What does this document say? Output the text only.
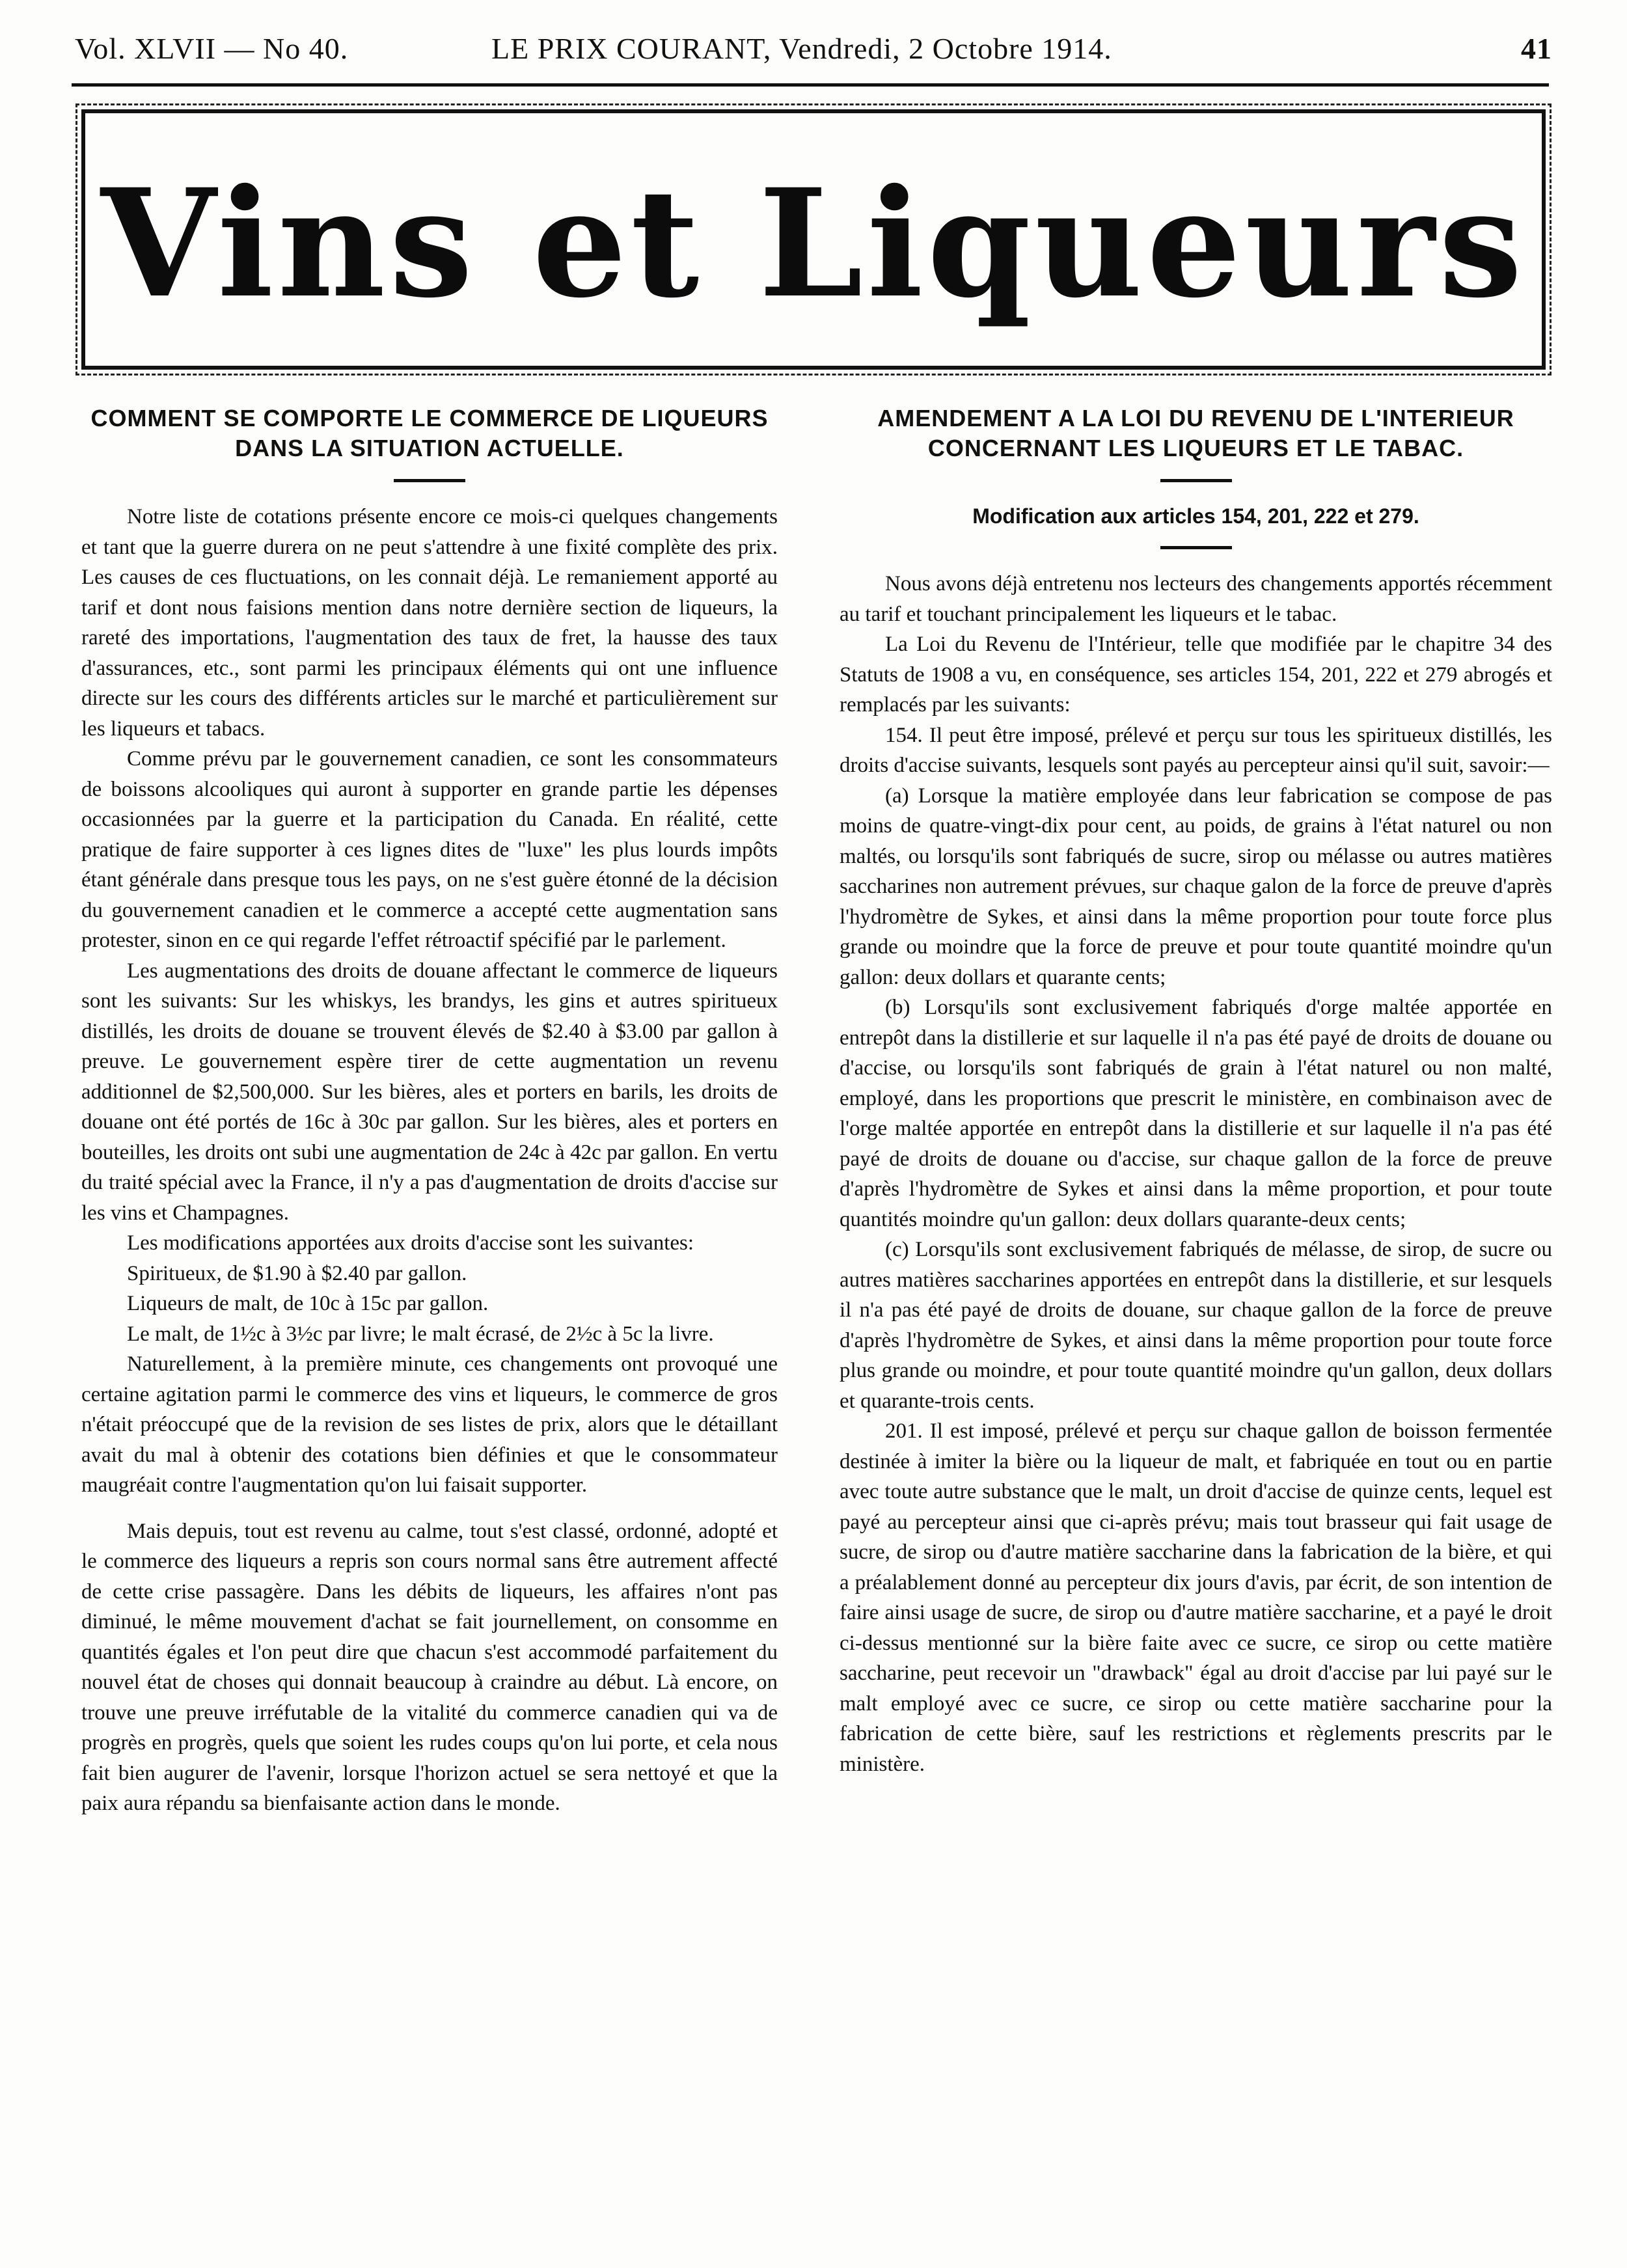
Vol. XLVII — No 40.	LE PRIX COURANT, Vendredi, 2 Octobre 1914.	41
Vins et Liqueurs
COMMENT SE COMPORTE LE COMMERCE DE LIQUEURS DANS LA SITUATION ACTUELLE.

Notre liste de cotations présente encore ce mois-ci quelques changements et tant que la guerre durera on ne peut s'attendre à une fixité complète des prix. Les causes de ces fluctuations, on les connait déjà. Le remaniement apporté au tarif et dont nous faisions mention dans notre dernière section de liqueurs, la rareté des importations, l'augmentation des taux de fret, la hausse des taux d'assurances, etc., sont parmi les principaux éléments qui ont une influence directe sur les cours des différents articles sur le marché et particulièrement sur les liqueurs et tabacs.

Comme prévu par le gouvernement canadien, ce sont les consommateurs de boissons alcooliques qui auront à supporter en grande partie les dépenses occasionnées par la guerre et la participation du Canada. En réalité, cette pratique de faire supporter à ces lignes dites de "luxe" les plus lourds impôts étant générale dans presque tous les pays, on ne s'est guère étonné de la décision du gouvernement canadien et le commerce a accepté cette augmentation sans protester, sinon en ce qui regarde l'effet rétroactif spécifié par le parlement.

Les augmentations des droits de douane affectant le commerce de liqueurs sont les suivants: Sur les whiskys, les brandys, les gins et autres spiritueux distillés, les droits de douane se trouvent élevés de $2.40 à $3.00 par gallon à preuve. Le gouvernement espère tirer de cette augmentation un revenu additionnel de $2,500,000. Sur les bières, ales et porters en barils, les droits de douane ont été portés de 16c à 30c par gallon. Sur les bières, ales et porters en bouteilles, les droits ont subi une augmentation de 24c à 42c par gallon. En vertu du traité spécial avec la France, il n'y a pas d'augmentation de droits d'accise sur les vins et Champagnes.

Les modifications apportées aux droits d'accise sont les suivantes:

Spiritueux, de $1.90 à $2.40 par gallon.

Liqueurs de malt, de 10c à 15c par gallon.

Le malt, de 1½c à 3½c par livre; le malt écrasé, de 2½c à 5c la livre.

Naturellement, à la première minute, ces changements ont provoqué une certaine agitation parmi le commerce des vins et liqueurs, le commerce de gros n'était préoccupé que de la revision de ses listes de prix, alors que le détaillant avait du mal à obtenir des cotations bien définies et que le consommateur maugréait contre l'augmentation qu'on lui faisait supporter.

Mais depuis, tout est revenu au calme, tout s'est classé, ordonné, adopté et le commerce des liqueurs a repris son cours normal sans être autrement affecté de cette crise passagère. Dans les débits de liqueurs, les affaires n'ont pas diminué, le même mouvement d'achat se fait journellement, on consomme en quantités égales et l'on peut dire que chacun s'est accommodé parfaitement du nouvel état de choses qui donnait beaucoup à craindre au début. Là encore, on trouve une preuve irréfutable de la vitalité du commerce canadien qui va de progrès en progrès, quels que soient les rudes coups qu'on lui porte, et cela nous fait bien augurer de l'avenir, lorsque l'horizon actuel se sera nettoyé et que la paix aura répandu sa bienfaisante action dans le monde.

AMENDEMENT A LA LOI DU REVENU DE L'INTERIEUR CONCERNANT LES LIQUEURS ET LE TABAC.
Modification aux articles 154, 201, 222 et 279.

Nous avons déjà entretenu nos lecteurs des changements apportés récemment au tarif et touchant principalement les liqueurs et le tabac.

La Loi du Revenu de l'Intérieur, telle que modifiée par le chapitre 34 des Statuts de 1908 a vu, en conséquence, ses articles 154, 201, 222 et 279 abrogés et remplacés par les suivants:

154. Il peut être imposé, prélevé et perçu sur tous les spiritueux distillés, les droits d'accise suivants, lesquels sont payés au percepteur ainsi qu'il suit, savoir:—

(a) Lorsque la matière employée dans leur fabrication se compose de pas moins de quatre-vingt-dix pour cent, au poids, de grains à l'état naturel ou non maltés, ou lorsqu'ils sont fabriqués de sucre, sirop ou mélasse ou autres matières saccharines non autrement prévues, sur chaque galon de la force de preuve d'après l'hydromètre de Sykes, et ainsi dans la même proportion pour toute force plus grande ou moindre que la force de preuve et pour toute quantité moindre qu'un gallon: deux dollars et quarante cents;

(b) Lorsqu'ils sont exclusivement fabriqués d'orge maltée apportée en entrepôt dans la distillerie et sur laquelle il n'a pas été payé de droits de douane ou d'accise, ou lorsqu'ils sont fabriqués de grain à l'état naturel ou non malté, employé, dans les proportions que prescrit le ministère, en combinaison avec de l'orge maltée apportée en entrepôt dans la distillerie et sur laquelle il n'a pas été payé de droits de douane ou d'accise, sur chaque gallon de la force de preuve d'après l'hydromètre de Sykes et ainsi dans la même proportion, et pour toute quantités moindre qu'un gallon: deux dollars quarante-deux cents;

(c) Lorsqu'ils sont exclusivement fabriqués de mélasse, de sirop, de sucre ou autres matières saccharines apportées en entrepôt dans la distillerie, et sur lesquels il n'a pas été payé de droits de douane, sur chaque gallon de la force de preuve d'après l'hydromètre de Sykes, et ainsi dans la même proportion pour toute force plus grande ou moindre, et pour toute quantité moindre qu'un gallon, deux dollars et quarante-trois cents.

201. Il est imposé, prélevé et perçu sur chaque gallon de boisson fermentée destinée à imiter la bière ou la liqueur de malt, et fabriquée en tout ou en partie avec toute autre substance que le malt, un droit d'accise de quinze cents, lequel est payé au percepteur ainsi que ci-après prévu; mais tout brasseur qui fait usage de sucre, de sirop ou d'autre matière saccharine dans la fabrication de la bière, et qui a préalablement donné au percepteur dix jours d'avis, par écrit, de son intention de faire ainsi usage de sucre, de sirop ou d'autre matière saccharine, et a payé le droit ci-dessus mentionné sur la bière faite avec ce sucre, ce sirop ou cette matière saccharine, peut recevoir un "drawback" égal au droit d'accise par lui payé sur le malt employé avec ce sucre, ce sirop ou cette matière saccharine pour la fabrication de cette bière, sauf les restrictions et règlements prescrits par le ministère.
